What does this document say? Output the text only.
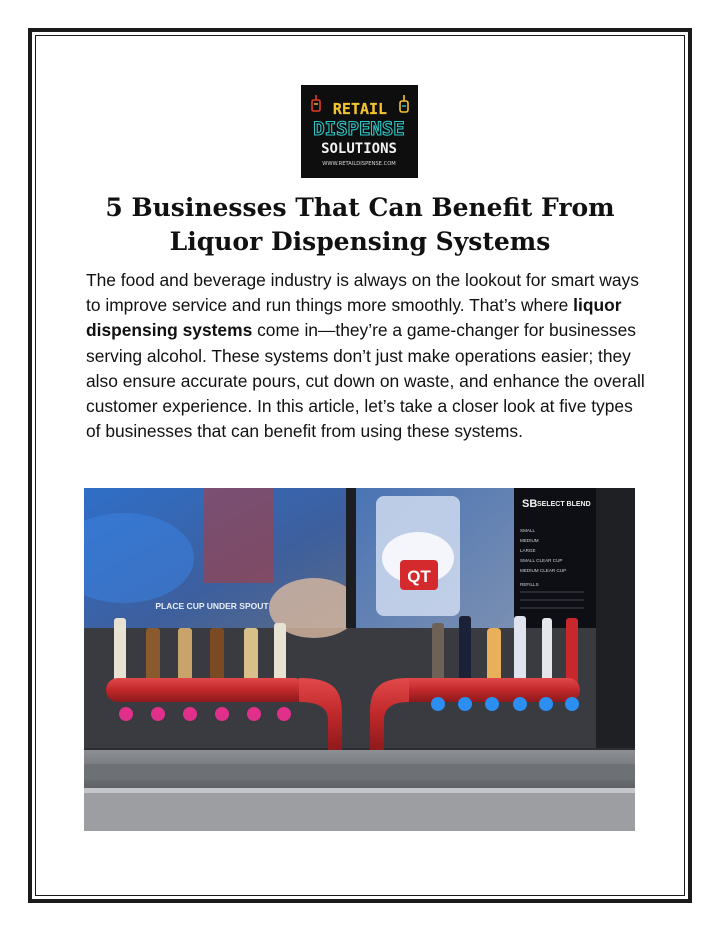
RETAIL
DISPENSE
SOLUTIONS
WWW.RETAILDISPENSE.COM
5 Businesses That Can Benefit From
Liquor Dispensing Systems

The food and beverage industry is always on the lookout for smart ways to improve service and run things more smoothly. That’s where liquor dispensing systems come in—they’re a game-changer for businesses serving alcohol. These systems don’t just make operations easier; they also ensure accurate pours, cut down on waste, and enhance the overall customer experience. In this article, let’s take a closer look at five types of businesses that can benefit from using these systems.

PLACE CUP UNDER SPOUT
QT
SB SELECT BLEND
SMALL
MEDIUM
LARGE
SMALL CLEAR CUP
MEDIUM CLEAR CUP
REFILLS
